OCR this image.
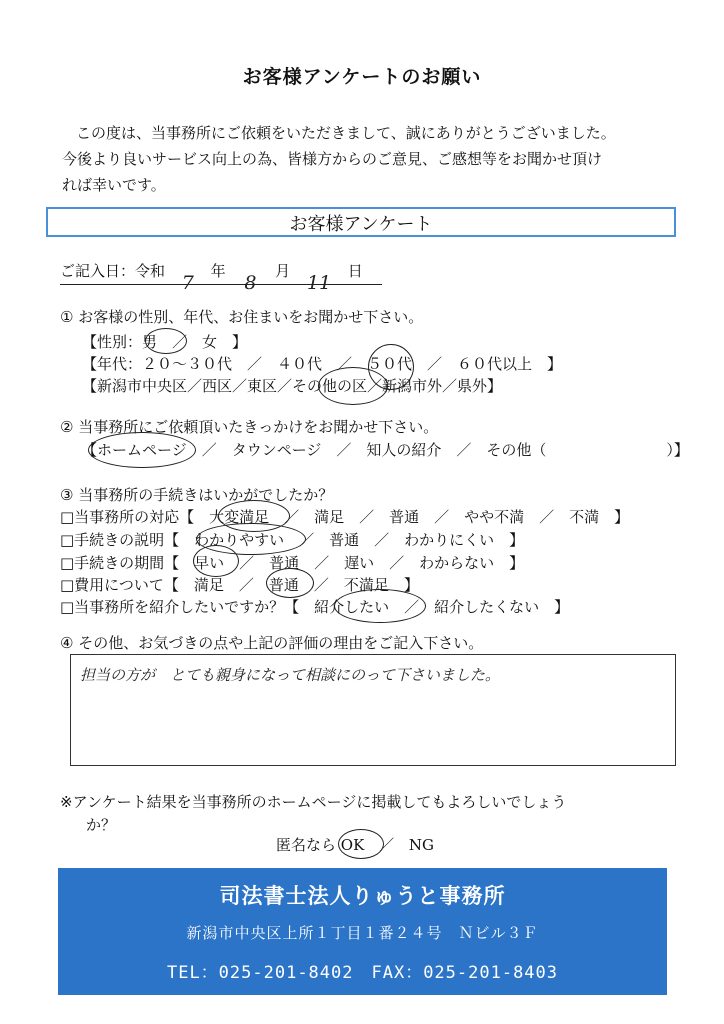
お客様アンケートのお願い

この度は、当事務所にご依頼をいただきまして、誠にありがとうございました。

今後より良いサービス向上の為、皆様方からのご意見、ご感想等をお聞かせ頂け

れば幸いです。

お客様アンケート
ご記入日：令和
7
年
8
月
11
日
① お客様の性別、年代、お住まいをお聞かせ下さい。
【性別：男　／　女　】
【年代：２０～３０代　／　４０代　／　５０代　／　６０代以上　】
【新潟市中央区／西区／東区／その他の区／新潟市外／県外】
② 当事務所にご依頼頂いたきっかけをお聞かせ下さい。
【ホームページ　／　タウンページ　／　知人の紹介　／　その他（　　　　　　　　）】
③ 当事務所の手続きはいかがでしたか？
□当事務所の対応【　大変満足　／　満足　／　普通　／　やや不満　／　不満　】
□手続きの説明【　わかりやすい　／　普通　／　わかりにくい　】
□手続きの期間【　早い　／　普通　／　遅い　／　わからない　】
□費用について【　満足　／　普通　／　不満足　】
□当事務所を紹介したいですか？【　紹介したい　／　紹介したくない　】
④ その他、お気づきの点や上記の評価の理由をご記入下さい。
担当の方が　とても親身になって相談にのって下さいました。
※アンケート結果を当事務所のホームページに掲載してもよろしいでしょう
か？
匿名なら OK ／ NG
司法書士法人りゅうと事務所
新潟市中央区上所１丁目１番２４号　Ｎビル３Ｆ
TEL：025-201-8402　FAX：025-201-8403
